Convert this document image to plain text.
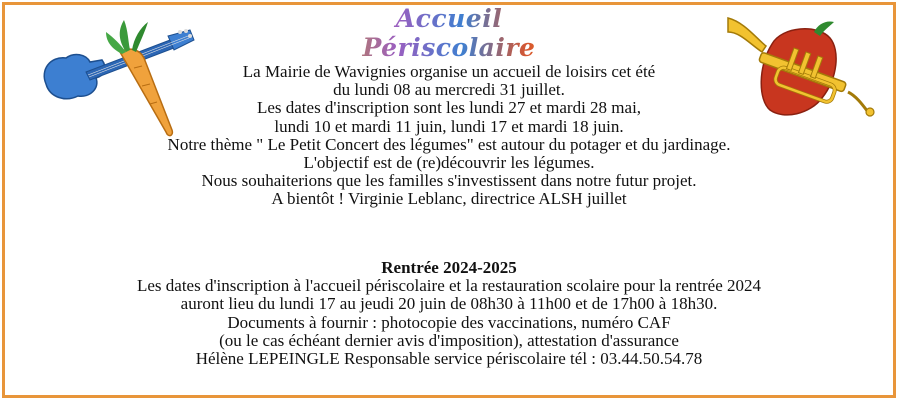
Accueil Périscolaire

La Mairie de Wavignies organise un accueil de loisirs cet été

du lundi 08 au mercredi 31 juillet.

Les dates d'inscription sont les lundi 27 et mardi 28 mai,

lundi 10 et mardi 11 juin, lundi 17 et mardi 18 juin.

Notre thème " Le Petit Concert des légumes" est autour du potager et du jardinage.

L'objectif est de (re)découvrir les légumes.

Nous souhaiterions que les familles s'investissent dans notre futur projet.

A bientôt ! Virginie Leblanc, directrice ALSH juillet

Rentrée 2024-2025

Les dates d'inscription à l'accueil périscolaire et la restauration scolaire pour la rentrée 2024

auront lieu du lundi 17 au jeudi 20 juin de 08h30 à 11h00 et de 17h00 à 18h30.

Documents à fournir : photocopie des vaccinations, numéro CAF

(ou le cas échéant dernier avis d'imposition), attestation d'assurance

Hélène LEPEINGLE Responsable service périscolaire tél : 03.44.50.54.78
